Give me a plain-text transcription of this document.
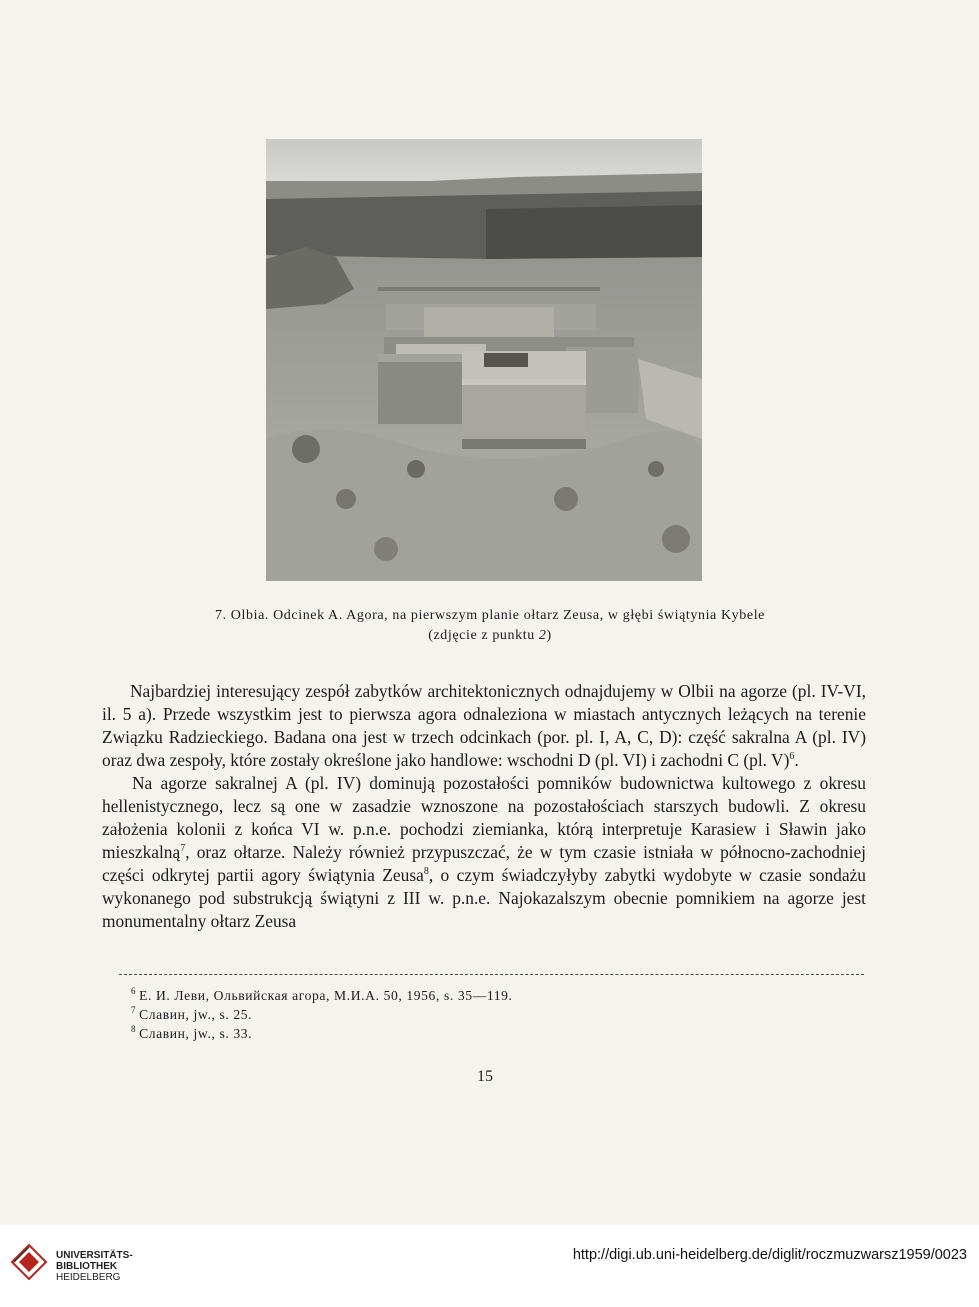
7. Olbia. Odcinek A. Agora, na pierwszym planie ołtarz Zeusa, w głębi świątynia Kybele
(zdjęcie z punktu 2)

Najbardziej interesujący zespół zabytków architektonicznych odnajdujemy w Olbii na agorze (pl. IV-VI, il. 5 a). Przede wszystkim jest to pierwsza agora odnaleziona w miastach antycznych leżących na terenie Związku Radzieckiego. Badana ona jest w trzech odcinkach (por. pl. I, A, C, D): część sakralna A (pl. IV) oraz dwa zespoły, które zostały określone jako handlowe: wschodni D (pl. VI) i zachodni C (pl. V)$^6$.

Na agorze sakralnej A (pl. IV) dominują pozostałości pomników budownictwa kultowego z okresu hellenistycznego, lecz są one w zasadzie wznoszone na pozostałościach starszych budowli. Z okresu założenia kolonii z końca VI w. p.n.e. pochodzi ziemianka, którą interpretuje Karasiew i Sławin jako mieszkalną$^7$, oraz ołtarze. Należy również przypuszczać, że w tym czasie istniała w północno-zachodniej części odkrytej partii agory świątynia Zeusa$^8$, o czym świadczyłyby zabytki wydobyte w czasie sondażu wykonanego pod substrukcją świątyni z III w. p.n.e. Najokazalszym obecnie pomnikiem na agorze jest monumentalny ołtarz Zeusa

$^6$ Е. И. Леви, Ольвийская агора, М.И.А. 50, 1956, s. 35—119.
$^7$ Славин, jw., s. 25.
$^8$ Славин, jw., s. 33.
15
UNIVERSITÄTS-
BIBLIOTHEK
HEIDELBERG
http://digi.ub.uni-heidelberg.de/diglit/roczmuzwarsz1959/0023
